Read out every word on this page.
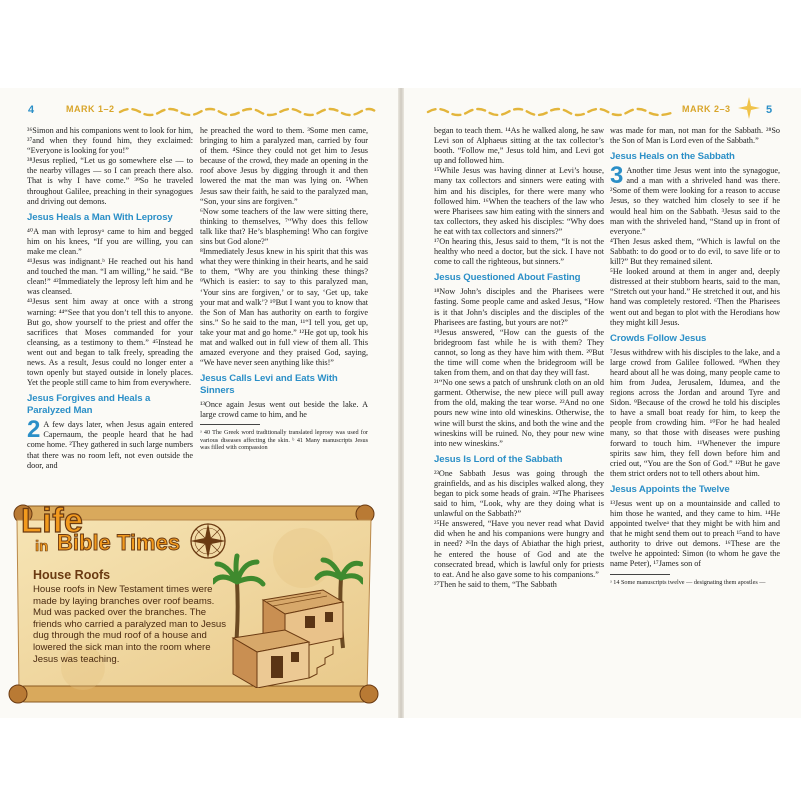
4	MARK 1–2

³⁶Simon and his companions went to look for him, ³⁷and when they found him, they exclaimed: “Everyone is looking for you!”

³⁸Jesus replied, “Let us go somewhere else — to the nearby villages — so I can preach there also. That is why I have come.” ³⁹So he traveled throughout Galilee, preaching in their synagogues and driving out demons.

Jesus Heals a Man With Leprosy

⁴⁰A man with leprosyᵃ came to him and begged him on his knees, “If you are willing, you can make me clean.”

⁴¹Jesus was indignant.ᵇ He reached out his hand and touched the man. “I am willing,” he said. “Be clean!” ⁴²Immediately the leprosy left him and he was cleansed.

⁴³Jesus sent him away at once with a strong warning: ⁴⁴“See that you don’t tell this to anyone. But go, show yourself to the priest and offer the sacrifices that Moses commanded for your cleansing, as a testimony to them.” ⁴⁵Instead he went out and began to talk freely, spreading the news. As a result, Jesus could no longer enter a town openly but stayed outside in lonely places. Yet the people still came to him from everywhere.

Jesus Forgives and Heals a Paralyzed Man

2 A few days later, when Jesus again entered Capernaum, the people heard that he had come home. ²They gathered in such large numbers that there was no room left, not even outside the door, and

he preached the word to them. ³Some men came, bringing to him a paralyzed man, carried by four of them. ⁴Since they could not get him to Jesus because of the crowd, they made an opening in the roof above Jesus by digging through it and then lowered the mat the man was lying on. ⁵When Jesus saw their faith, he said to the paralyzed man, “Son, your sins are forgiven.”

⁶Now some teachers of the law were sitting there, thinking to themselves, ⁷“Why does this fellow talk like that? He’s blaspheming! Who can forgive sins but God alone?”

⁸Immediately Jesus knew in his spirit that this was what they were thinking in their hearts, and he said to them, “Why are you thinking these things? ⁹Which is easier: to say to this paralyzed man, ‘Your sins are forgiven,’ or to say, ‘Get up, take your mat and walk’? ¹⁰But I want you to know that the Son of Man has authority on earth to forgive sins.” So he said to the man, ¹¹“I tell you, get up, take your mat and go home.” ¹²He got up, took his mat and walked out in full view of them all. This amazed everyone and they praised God, saying, “We have never seen anything like this!”

Jesus Calls Levi and Eats With Sinners

¹³Once again Jesus went out beside the lake. A large crowd came to him, and he

ᵃ 40 The Greek word traditionally translated leprosy was used for various diseases affecting the skin. ᵇ 41 Many manuscripts Jesus was filled with compassion

Life
in Bible Times
House Roofs
House roofs in New Testament times were made by laying branches over roof beams. Mud was packed over the branches. The friends who carried a paralyzed man to Jesus dug through the mud roof of a house and lowered the sick man into the room where Jesus was teaching.
MARK 2–3	5

began to teach them. ¹⁴As he walked along, he saw Levi son of Alphaeus sitting at the tax collector’s booth. “Follow me,” Jesus told him, and Levi got up and followed him.

¹⁵While Jesus was having dinner at Levi’s house, many tax collectors and sinners were eating with him and his disciples, for there were many who followed him. ¹⁶When the teachers of the law who were Pharisees saw him eating with the sinners and tax collectors, they asked his disciples: “Why does he eat with tax collectors and sinners?”

¹⁷On hearing this, Jesus said to them, “It is not the healthy who need a doctor, but the sick. I have not come to call the righteous, but sinners.”

Jesus Questioned About Fasting

¹⁸Now John’s disciples and the Pharisees were fasting. Some people came and asked Jesus, “How is it that John’s disciples and the disciples of the Pharisees are fasting, but yours are not?”

¹⁹Jesus answered, “How can the guests of the bridegroom fast while he is with them? They cannot, so long as they have him with them. ²⁰But the time will come when the bridegroom will be taken from them, and on that day they will fast.

²¹“No one sews a patch of unshrunk cloth on an old garment. Otherwise, the new piece will pull away from the old, making the tear worse. ²²And no one pours new wine into old wineskins. Otherwise, the wine will burst the skins, and both the wine and the wineskins will be ruined. No, they pour new wine into new wineskins.”

Jesus Is Lord of the Sabbath

²³One Sabbath Jesus was going through the grainfields, and as his disciples walked along, they began to pick some heads of grain. ²⁴The Pharisees said to him, “Look, why are they doing what is unlawful on the Sabbath?”

²⁵He answered, “Have you never read what David did when he and his companions were hungry and in need? ²⁶In the days of Abiathar the high priest, he entered the house of God and ate the consecrated bread, which is lawful only for priests to eat. And he also gave some to his companions.”

²⁷Then he said to them, “The Sabbath

was made for man, not man for the Sabbath. ²⁸So the Son of Man is Lord even of the Sabbath.”

Jesus Heals on the Sabbath

3 Another time Jesus went into the synagogue, and a man with a shriveled hand was there. ²Some of them were looking for a reason to accuse Jesus, so they watched him closely to see if he would heal him on the Sabbath. ³Jesus said to the man with the shriveled hand, “Stand up in front of everyone.”

⁴Then Jesus asked them, “Which is lawful on the Sabbath: to do good or to do evil, to save life or to kill?” But they remained silent.

⁵He looked around at them in anger and, deeply distressed at their stubborn hearts, said to the man, “Stretch out your hand.” He stretched it out, and his hand was completely restored. ⁶Then the Pharisees went out and began to plot with the Herodians how they might kill Jesus.

Crowds Follow Jesus

⁷Jesus withdrew with his disciples to the lake, and a large crowd from Galilee followed. ⁸When they heard about all he was doing, many people came to him from Judea, Jerusalem, Idumea, and the regions across the Jordan and around Tyre and Sidon. ⁹Because of the crowd he told his disciples to have a small boat ready for him, to keep the people from crowding him. ¹⁰For he had healed many, so that those with diseases were pushing forward to touch him. ¹¹Whenever the impure spirits saw him, they fell down before him and cried out, “You are the Son of God.” ¹²But he gave them strict orders not to tell others about him.

Jesus Appoints the Twelve

¹³Jesus went up on a mountainside and called to him those he wanted, and they came to him. ¹⁴He appointed twelveᵃ that they might be with him and that he might send them out to preach ¹⁵and to have authority to drive out demons. ¹⁶These are the twelve he appointed: Simon (to whom he gave the name Peter), ¹⁷James son of

ᵃ 14 Some manuscripts twelve — designating them apostles —
